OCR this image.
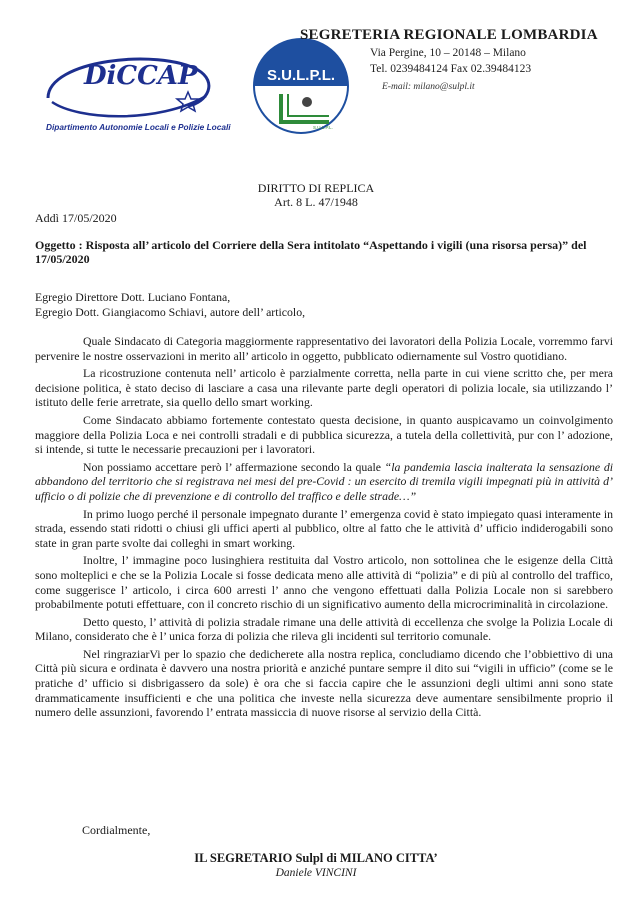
DiCCAP
Dipartimento Autonomie Locali e Polizie Locali
S.U.L.P.L.
S.U.L.P.L.
SEGRETERIA REGIONALE LOMBARDIA
Via Pergine, 10 – 20148 – Milano
Tel. 0239484124 Fax 02.39484123
E-mail: milano@sulpl.it
DIRITTO DI REPLICA
Art. 8 L. 47/1948
Addì 17/05/2020
Oggetto : Risposta all’ articolo del Corriere della Sera intitolato “Aspettando i vigili (una risorsa persa)” del 17/05/2020
Egregio Direttore Dott. Luciano Fontana,
Egregio Dott. Giangiacomo Schiavi, autore dell’ articolo,

Quale Sindacato di Categoria maggiormente rappresentativo dei lavoratori della Polizia Locale, vorremmo farvi pervenire le nostre osservazioni in merito all’ articolo in oggetto, pubblicato odiernamente sul Vostro quotidiano.

La ricostruzione contenuta nell’ articolo è parzialmente corretta, nella parte in cui viene scritto che, per mera decisione politica, è stato deciso di lasciare a casa una rilevante parte degli operatori di polizia locale, sia utilizzando l’ istituto delle ferie arretrate, sia quello dello smart working.

Come Sindacato abbiamo fortemente contestato questa decisione, in quanto auspicavamo un coinvolgimento maggiore della Polizia Loca e nei controlli stradali e di pubblica sicurezza, a tutela della collettività, pur con l’ adozione, si intende, si tutte le necessarie precauzioni per i lavoratori.

Non possiamo accettare però l’ affermazione secondo la quale “la pandemia lascia inalterata la sensazione di abbandono del territorio che si registrava nei mesi del pre-Covid : un esercito di tremila vigili impegnati più in attività d’ ufficio o di polizie che di prevenzione e di controllo del traffico e delle strade…”

In primo luogo perché il personale impegnato durante l’ emergenza covid è stato impiegato quasi interamente in strada, essendo stati ridotti o chiusi gli uffici aperti al pubblico, oltre al fatto che le attività d’ ufficio indiderogabili sono state in gran parte svolte dai colleghi in smart working.

Inoltre, l’ immagine poco lusinghiera restituita dal Vostro articolo, non sottolinea che le esigenze della Città sono molteplici e che se la Polizia Locale si fosse dedicata meno alle attività di “polizia” e di più al controllo del traffico, come suggerisce l’ articolo, i circa 600 arresti l’ anno che vengono effettuati dalla Polizia Locale non si sarebbero probabilmente potuti effettuare, con il concreto rischio di un significativo aumento della microcriminalità in circolazione.

Detto questo, l’ attività di polizia stradale rimane una delle attività di eccellenza che svolge la Polizia Locale di Milano, considerato che è l’ unica forza di polizia che rileva gli incidenti sul territorio comunale.

Nel ringraziarVi per lo spazio che dedicherete alla nostra replica, concludiamo dicendo che l’obbiettivo di una Città più sicura e ordinata è davvero una nostra priorità e anziché puntare sempre il dito sui “vigili in ufficio” (come se le pratiche d’ ufficio si disbrigassero da sole) è ora che si faccia capire che le assunzioni degli ultimi anni sono state drammaticamente insufficienti e che una politica che investe nella sicurezza deve aumentare sensibilmente proprio il numero delle assunzioni, favorendo l’ entrata massiccia di nuove risorse al servizio della Città.

Cordialmente,
IL SEGRETARIO Sulpl di MILANO CITTA’
Daniele VINCINI
